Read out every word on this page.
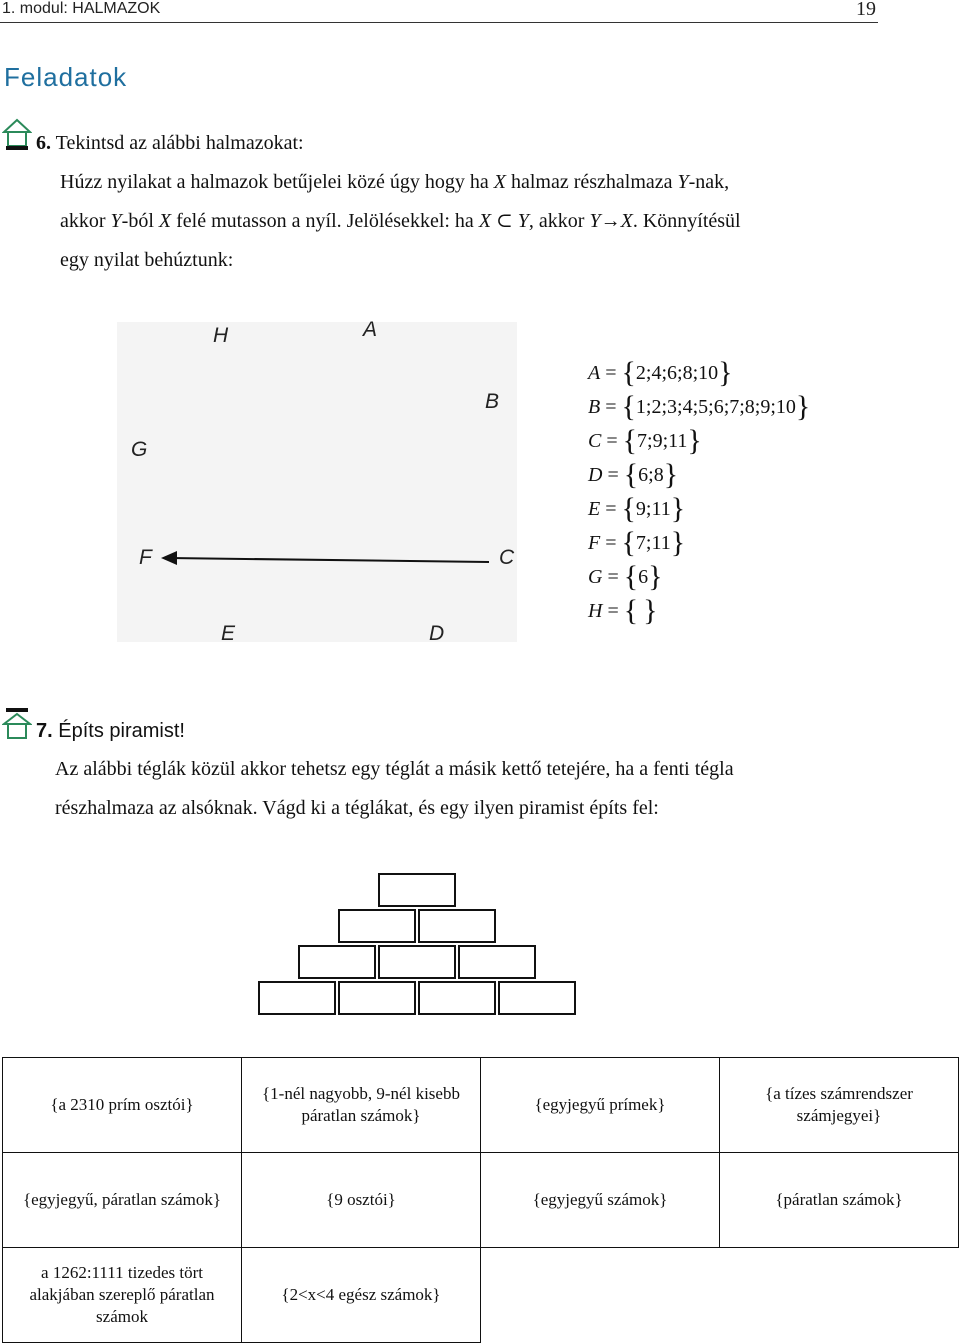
1. modul: HALMAZOK	19
Feladatok
6. Tekintsd az alábbi halmazokat:
Húzz nyilakat a halmazok betűjelei közé úgy hogy ha X halmaz részhalmaza Y-nak,
akkor Y-ból X felé mutasson a nyíl. Jelölésekkel: ha X ⊂ Y, akkor Y→X. Könnyítésül
egy nyilat behúztunk:
H	A
B
G
F	C
E	D
A = {2;4;6;8;10}
B = {1;2;3;4;5;6;7;8;9;10}
C = {7;9;11}
D = {6;8}
E = {9;11}
F = {7;11}
G = {6}
H = { }
7. Építs piramist!
Az alábbi téglák közül akkor tehetsz egy téglát a másik kettő tetejére, ha a fenti tégla
részhalmaza az alsóknak. Vágd ki a téglákat, és egy ilyen piramist építs fel:
{a 2310 prím osztói}	{1-nél nagyobb, 9-nél kisebb páratlan számok}	{egyjegyű prímek}	{a tízes számrendszer számjegyei}
{egyjegyű, páratlan számok}	{9 osztói}	{egyjegyű számok}	{páratlan számok}
a 1262:1111 tizedes tört alakjában szereplő páratlan számok	{2<x<4 egész számok}		
